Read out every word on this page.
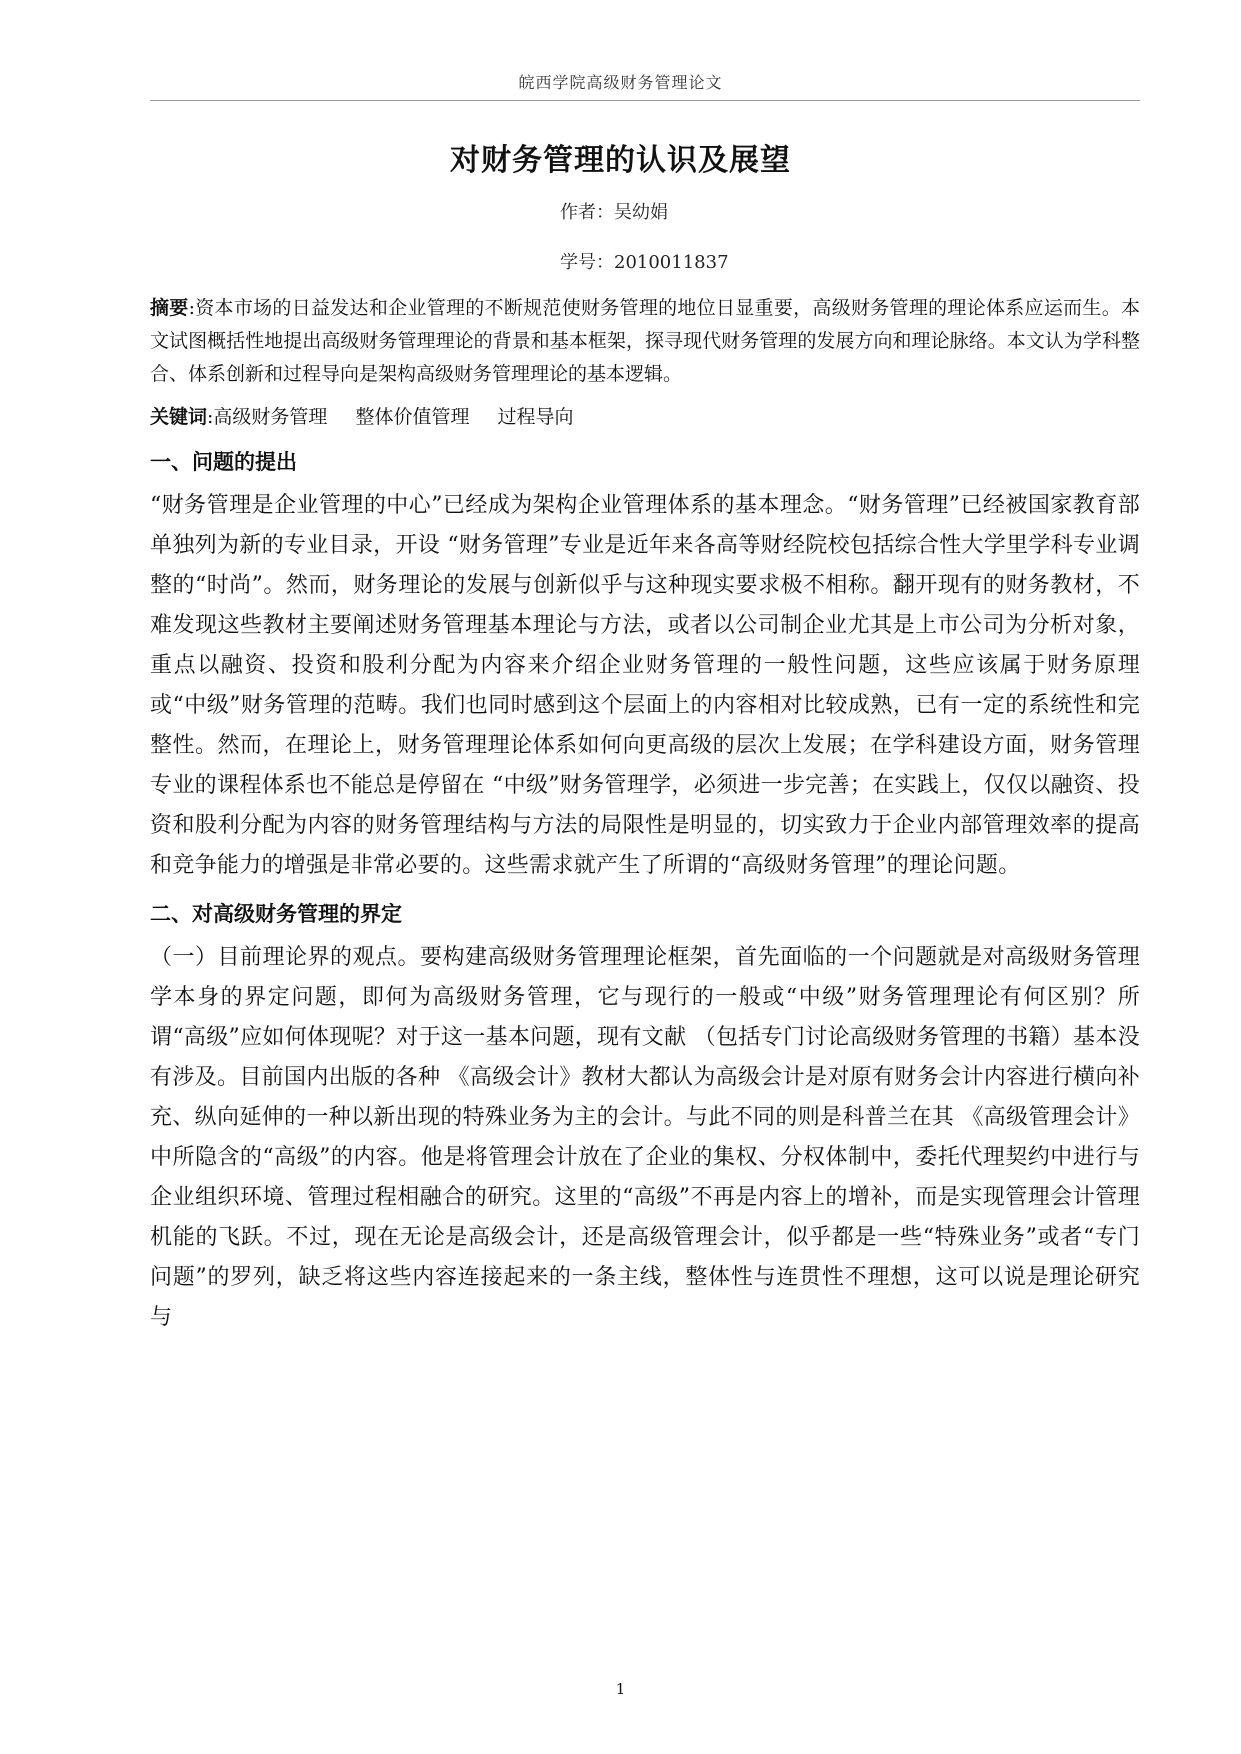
皖西学院高级财务管理论文
对财务管理的认识及展望
作者：吴幼娟
学号：2010011837

摘要:资本市场的日益发达和企业管理的不断规范使财务管理的地位日显重要，高级财务管理的理论体系应运而生。本文试图概括性地提出高级财务管理理论的背景和基本框架，探寻现代财务管理的发展方向和理论脉络。本文认为学科整合、体系创新和过程导向是架构高级财务管理理论的基本逻辑。

关键词:高级财务管理 整体价值管理 过程导向
一、问题的提出

“财务管理是企业管理的中心”已经成为架构企业管理体系的基本理念。“财务管理”已经被国家教育部单独列为新的专业目录，开设 “财务管理”专业是近年来各高等财经院校包括综合性大学里学科专业调整的“时尚”。然而，财务理论的发展与创新似乎与这种现实要求极不相称。翻开现有的财务教材，不难发现这些教材主要阐述财务管理基本理论与方法，或者以公司制企业尤其是上市公司为分析对象，重点以融资、投资和股利分配为内容来介绍企业财务管理的一般性问题，这些应该属于财务原理或“中级”财务管理的范畴。我们也同时感到这个层面上的内容相对比较成熟，已有一定的系统性和完整性。然而，在理论上，财务管理理论体系如何向更高级的层次上发展；在学科建设方面，财务管理专业的课程体系也不能总是停留在 “中级”财务管理学，必须进一步完善；在实践上，仅仅以融资、投资和股利分配为内容的财务管理结构与方法的局限性是明显的，切实致力于企业内部管理效率的提高和竞争能力的增强是非常必要的。这些需求就产生了所谓的“高级财务管理”的理论问题。

二、对高级财务管理的界定

（一）目前理论界的观点。要构建高级财务管理理论框架，首先面临的一个问题就是对高级财务管理学本身的界定问题，即何为高级财务管理，它与现行的一般或“中级”财务管理理论有何区别？所谓“高级”应如何体现呢？对于这一基本问题，现有文献 （包括专门讨论高级财务管理的书籍）基本没有涉及。目前国内出版的各种 《高级会计》教材大都认为高级会计是对原有财务会计内容进行横向补充、纵向延伸的一种以新出现的特殊业务为主的会计。与此不同的则是科普兰在其 《高级管理会计》中所隐含的“高级”的内容。他是将管理会计放在了企业的集权、分权体制中，委托代理契约中进行与企业组织环境、管理过程相融合的研究。这里的“高级”不再是内容上的增补，而是实现管理会计管理机能的飞跃。不过，现在无论是高级会计，还是高级管理会计，似乎都是一些“特殊业务”或者“专门问题”的罗列，缺乏将这些内容连接起来的一条主线，整体性与连贯性不理想，这可以说是理论研究与

1
